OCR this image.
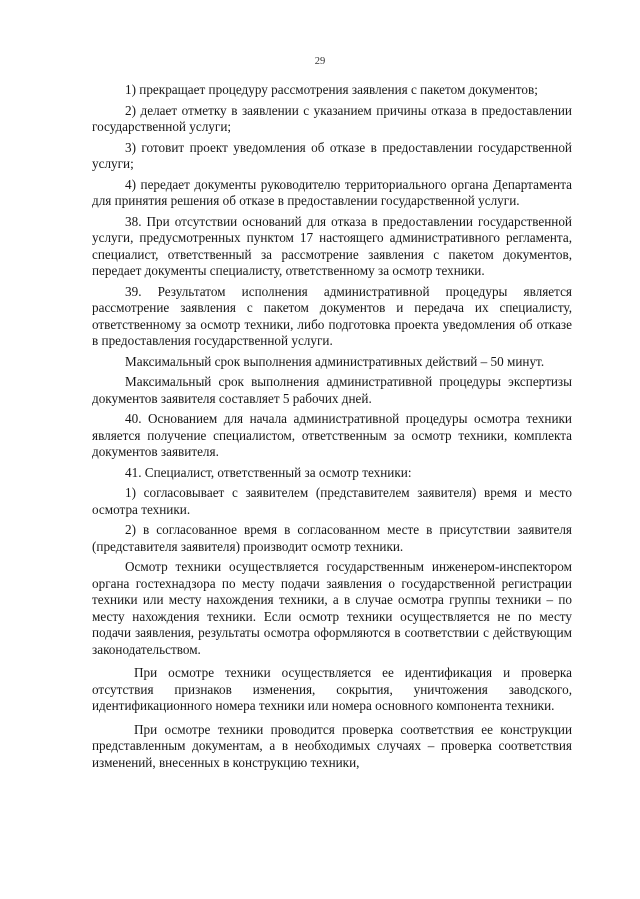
29

1) прекращает процедуру рассмотрения заявления с пакетом документов;

2) делает отметку в заявлении с указанием причины отказа в предоставлении государственной услуги;

3) готовит проект уведомления об отказе в предоставлении государственной услуги;

4) передает документы руководителю территориального органа Департамента для принятия решения об отказе в предоставлении государственной услуги.

38. При отсутствии оснований для отказа в предоставлении государственной услуги, предусмотренных пунктом 17 настоящего административного регламента, специалист, ответственный за рассмотрение заявления с пакетом документов, передает документы специалисту, ответственному за осмотр техники.

39. Результатом исполнения административной процедуры является рассмотрение заявления с пакетом документов и передача их специалисту, ответственному за осмотр техники, либо подготовка проекта уведомления об отказе в предоставления государственной услуги.

Максимальный срок выполнения административных действий – 50 минут.

Максимальный срок выполнения административной процедуры экспертизы документов заявителя составляет 5 рабочих дней.

40. Основанием для начала административной процедуры осмотра техники является получение специалистом, ответственным за осмотр техники, комплекта документов заявителя.

41. Специалист, ответственный за осмотр техники:

1) согласовывает с заявителем (представителем заявителя) время и место осмотра техники.

2) в согласованное время в согласованном месте в присутствии заявителя (представителя заявителя) производит осмотр техники.

Осмотр техники осуществляется государственным инженером-инспектором органа гостехнадзора по месту подачи заявления о государственной регистрации техники или месту нахождения техники, а в случае осмотра группы техники – по месту нахождения техники. Если осмотр техники осуществляется не по месту подачи заявления, результаты осмотра оформляются в соответствии с действующим законодательством.

При осмотре техники осуществляется ее идентификация и проверка отсутствия признаков изменения, сокрытия, уничтожения заводского, идентификационного номера техники или номера основного компонента техники.

При осмотре техники проводится проверка соответствия ее конструкции представленным документам, а в необходимых случаях – проверка соответствия изменений, внесенных в конструкцию техники,
